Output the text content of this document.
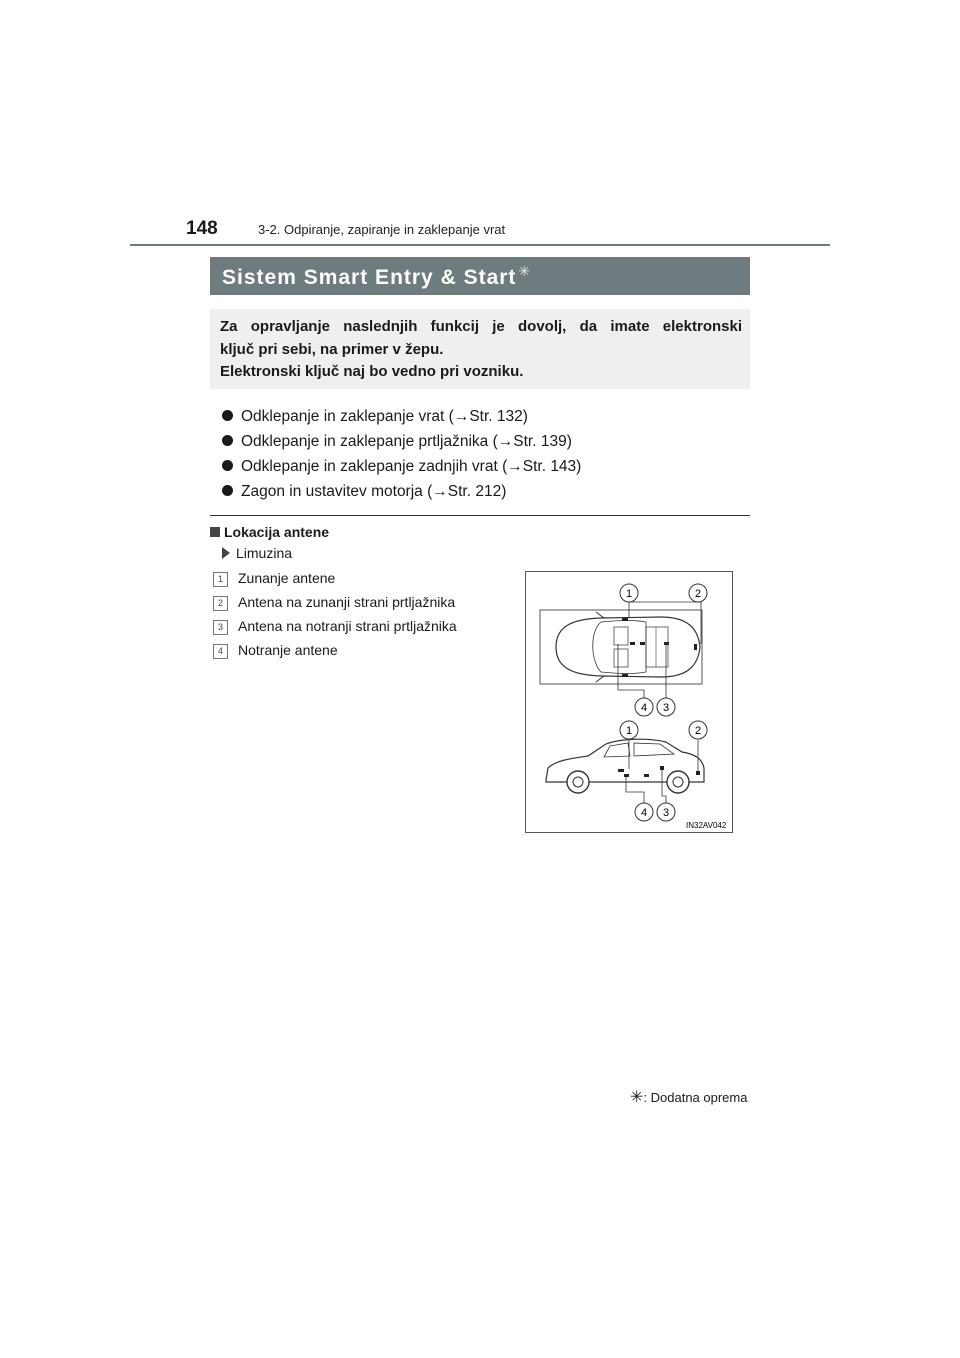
148	3-2. Odpiranje, zapiranje in zaklepanje vrat
Sistem Smart Entry & Start ✳
Za opravljanje naslednjih funkcij je dovolj, da imate elektronski
ključ pri sebi, na primer v žepu.
Elektronski ključ naj bo vedno pri vozniku.
Odklepanje in zaklepanje vrat (→Str. 132)
Odklepanje in zaklepanje prtljažnika (→Str. 139)
Odklepanje in zaklepanje zadnjih vrat (→Str. 143)
Zagon in ustavitev motorja (→Str. 212)
Lokacija antene
Limuzina
1 Zunanje antene
2 Antena na zunanji strani prtljažnika
3 Antena na notranji strani prtljažnika
4 Notranje antene
1	2
4 3
1	2
4 3
IN32AV042
✳: Dodatna oprema
